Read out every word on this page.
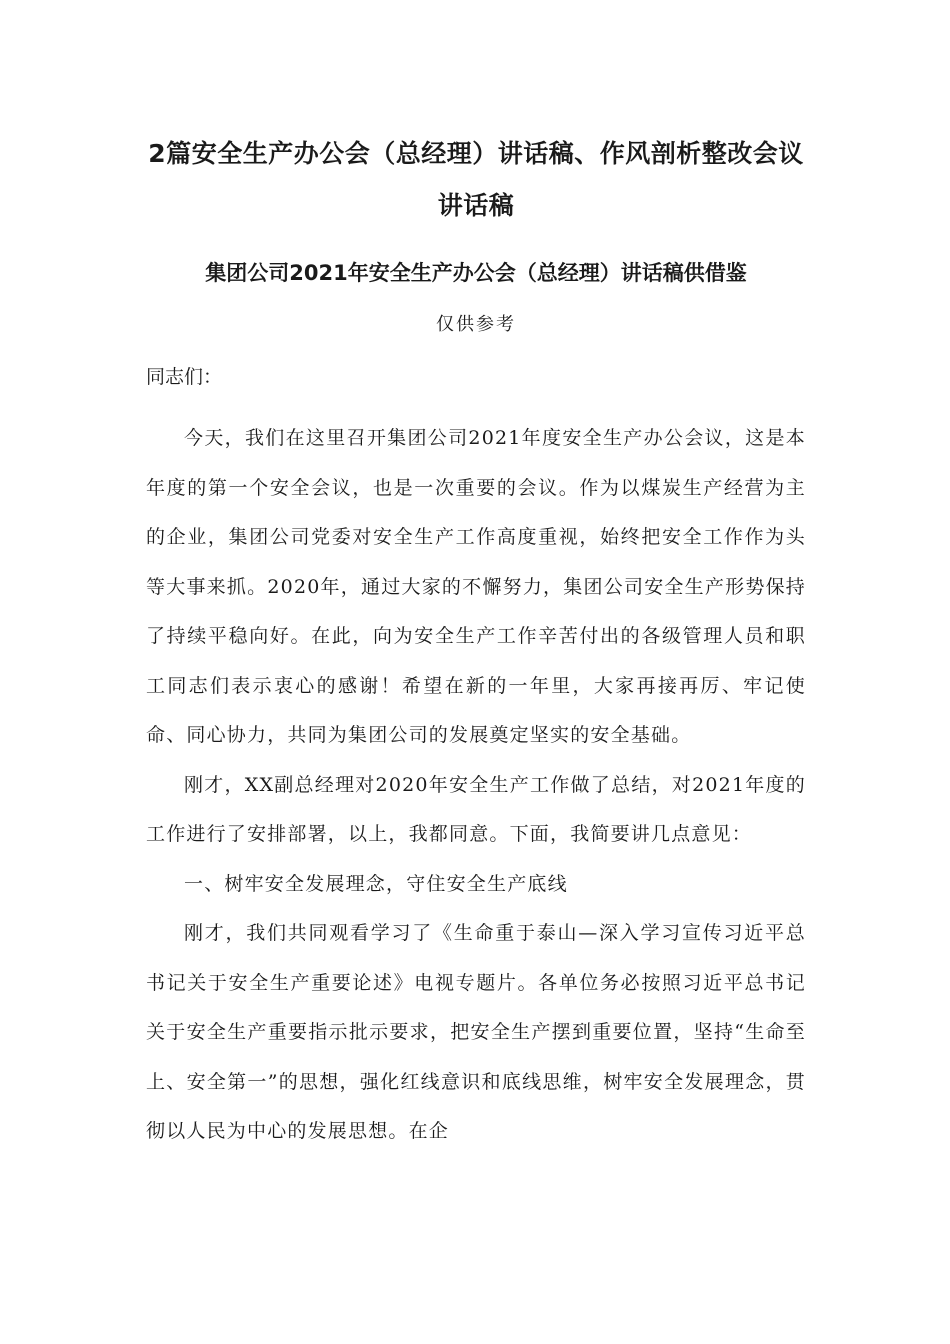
2篇安全生产办公会（总经理）讲话稿、作风剖析整改会议讲话稿
集团公司2021年安全生产办公会（总经理）讲话稿供借鉴

仅供参考

同志们：

今天，我们在这里召开集团公司2021年度安全生产办公会议，这是本年度的第一个安全会议，也是一次重要的会议。作为以煤炭生产经营为主的企业，集团公司党委对安全生产工作高度重视，始终把安全工作作为头等大事来抓。2020年，通过大家的不懈努力，集团公司安全生产形势保持了持续平稳向好。在此，向为安全生产工作辛苦付出的各级管理人员和职工同志们表示衷心的感谢！希望在新的一年里，大家再接再厉、牢记使命、同心协力，共同为集团公司的发展奠定坚实的安全基础。

刚才，XX副总经理对2020年安全生产工作做了总结，对2021年度的工作进行了安排部署，以上，我都同意。下面，我简要讲几点意见：

一、树牢安全发展理念，守住安全生产底线

刚才，我们共同观看学习了《生命重于泰山—深入学习宣传习近平总书记关于安全生产重要论述》电视专题片。各单位务必按照习近平总书记关于安全生产重要指示批示要求，把安全生产摆到重要位置，坚持“生命至上、安全第一”的思想，强化红线意识和底线思维，树牢安全发展理念，贯彻以人民为中心的发展思想。在企
